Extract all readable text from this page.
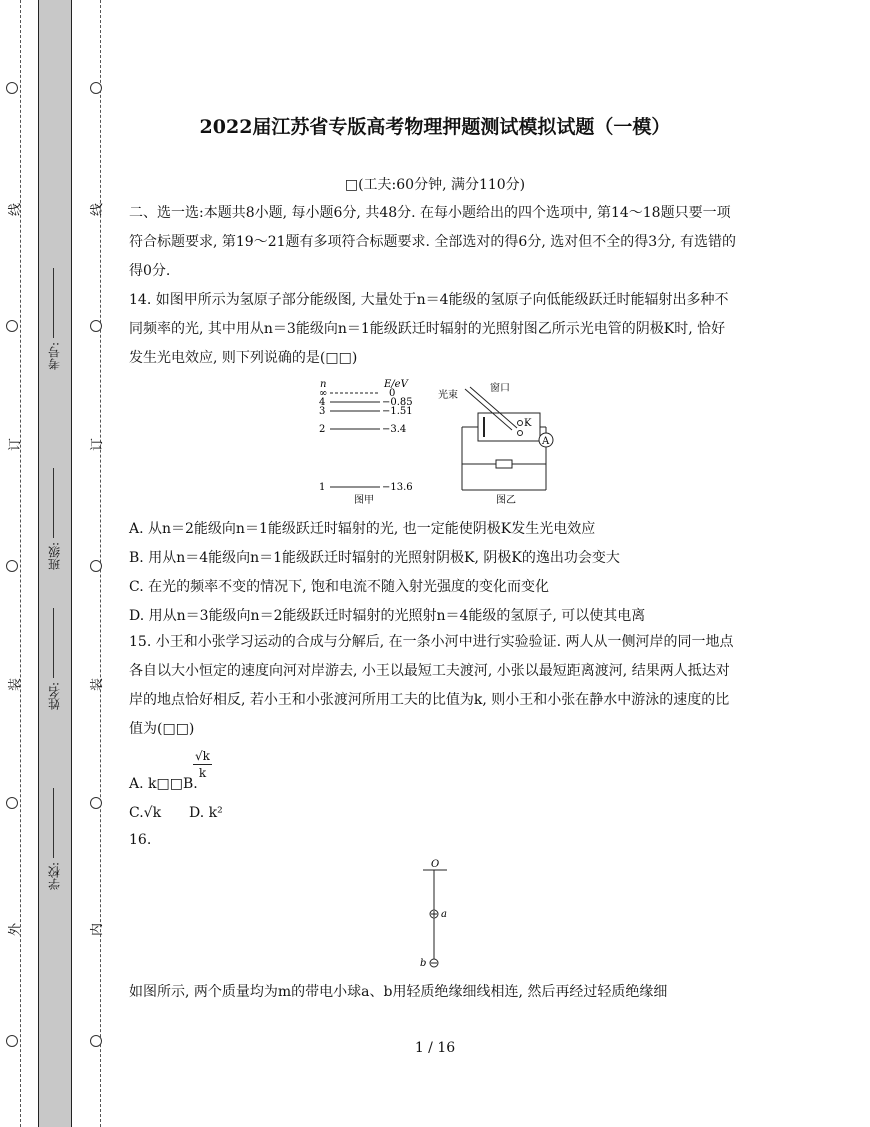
线
订
装
外
线
订
装
内
考号:
班级:
姓名:
学校:
2022届江苏省专版高考物理押题测试模拟试题（一模）
□(工夫:60分钟, 满分110分)
二、选一选:本题共8小题, 每小题6分, 共48分. 在每小题给出的四个选项中, 第14～18题只要一项符合标题要求, 第19～21题有多项符合标题要求. 全部选对的得6分, 选对但不全的得3分, 有选错的得0分.
14. 如图甲所示为氢原子部分能级图, 大量处于n＝4能级的氢原子向低能级跃迁时能辐射出多种不同频率的光, 其中用从n＝3能级向n＝1能级跃迁时辐射的光照射图乙所示光电管的阴极K时, 恰好发生光电效应, 则下列说确的是(□□)
n	E/eV
∞	0
4	−0.85
3	−1.51
2	−3.4
1	−13.6
图甲
光束
窗口
K
A
图乙
A. 从n＝2能级向n＝1能级跃迁时辐射的光, 也一定能使阴极K发生光电效应
B. 用从n＝4能级向n＝1能级跃迁时辐射的光照射阴极K, 阴极K的逸出功会变大
C. 在光的频率不变的情况下, 饱和电流不随入射光强度的变化而变化
D. 用从n＝3能级向n＝2能级跃迁时辐射的光照射n＝4能级的氢原子, 可以使其电离
15. 小王和小张学习运动的合成与分解后, 在一条小河中进行实验验证. 两人从一侧河岸的同一地点各自以大小恒定的速度向河对岸游去, 小王以最短工夫渡河, 小张以最短距离渡河, 结果两人抵达对岸的地点恰好相反, 若小王和小张渡河所用工夫的比值为k, 则小王和小张在静水中游泳的速度的比值为(□□)
A. k□□B.
$\frac{√k}{k}$
C.√k D. k²
16.
O
a
b
如图所示, 两个质量均为m的带电小球a、b用轻质绝缘细线相连, 然后再经过轻质绝缘细
1 / 16
